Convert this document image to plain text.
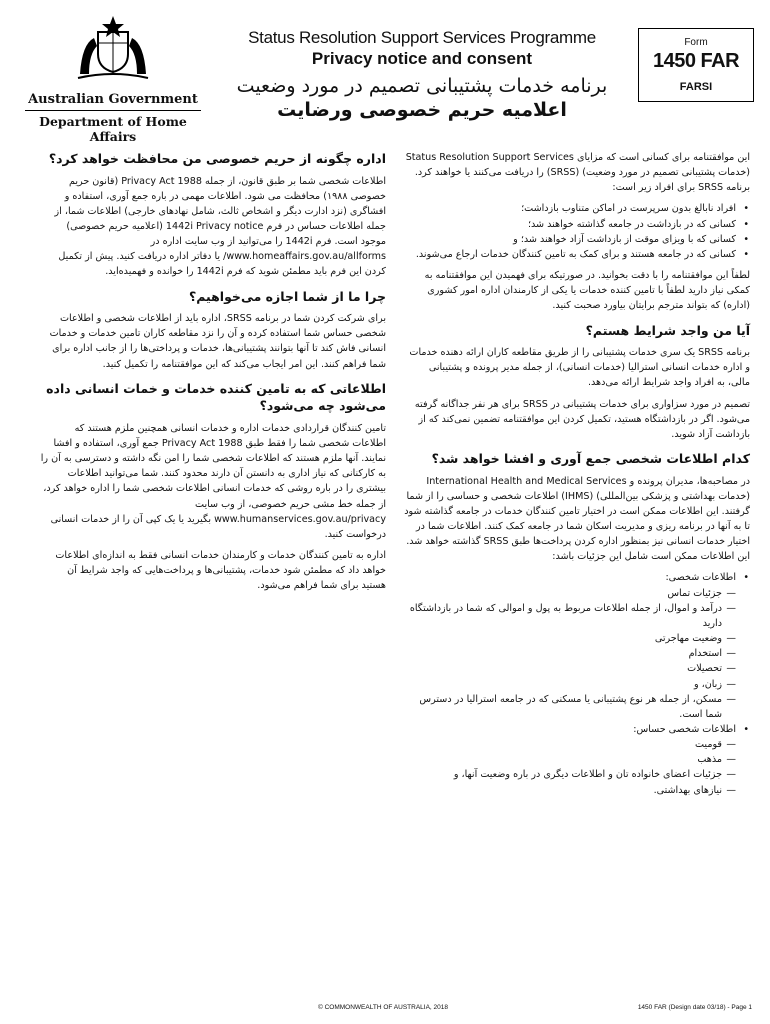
Australian Government
Department of Home Affairs
Status Resolution Support Services Programme
Privacy notice and consent
برنامه خدمات پشتیبانی تصمیم در مورد وضعیت
اعلامیه حریم خصوصی ورضایت
Form
1450 FAR
FARSI

این موافقتنامه برای کسانی است که مزایای Status Resolution Support Services (خدمات پشتیبانی تصمیم در مورد وضعیت) (SRSS) را دریافت می‌کنند یا خواهند کرد. برنامه SRSS برای افراد زیر است:

• افراد نابالغ بدون سرپرست در اماکن متناوب بازداشت؛
• کسانی که در بازداشت در جامعه گذاشته خواهند شد؛
• کسانی که با ویزای موقت از بازداشت آزاد خواهند شد؛ و
• کسانی که در جامعه هستند و برای کمک به تامین کنندگان خدمات ارجاع می‌شوند.

لطفاً این موافقتنامه را با دقت بخوانید. در صورتیکه برای فهمیدن این موافقتنامه به کمکی نیاز دارید لطفاً با تامین کننده خدمات یا یکی از کارمندان اداره امور کشوری (اداره) که بتواند مترجم برایتان بیاورد صحبت کنید.

آیا من واجد شرایط هستم؟

برنامه SRSS یک سری خدمات پشتیبانی را از طریق مقاطعه کاران ارائه دهنده خدمات و اداره خدمات انسانی استرالیا (خدمات انسانی)، از جمله مدیر پرونده و پشتیبانی مالی، به افراد واجد شرایط ارائه می‌دهد.

تصمیم در مورد سزاواری برای خدمات پشتیبانی در SRSS برای هر نفر جداگانه گرفته می‌شود. اگر در بازداشتگاه هستید، تکمیل کردن این موافقتنامه تضمین نمی‌کند که از بازداشت آزاد شوید.

کدام اطلاعات شخصی جمع آوری و افشا خواهد شد؟

در مصاحبه‌ها، مدیران پرونده و International Health and Medical Services (خدمات بهداشتی و پزشکی بین‌المللی) (IHMS) اطلاعات شخصی و حساسی را از شما گرفتند. این اطلاعات ممکن است در اختیار تامین کنندگان خدمات در جامعه گذاشته شود تا به آنها در برنامه ریزی و مدیریت اسکان شما در جامعه کمک کنند. اطلاعات شما در اختیار خدمات انسانی نیز بمنظور اداره کردن پرداخت‌ها طبق SRSS گذاشته خواهد شد. این اطلاعات ممکن است شامل این جزئیات باشد:

• اطلاعات شخصی:
— جزئیات تماس
— درآمد و اموال، از جمله اطلاعات مربوط به پول و اموالی که شما در بازداشتگاه دارید
— وضعیت مهاجرتی
— استخدام
— تحصیلات
— زبان، و
— مسکن، از جمله هر نوع پشتیبانی یا مسکنی که در جامعه استرالیا در دسترس شما است.
• اطلاعات شخصی حساس:
— قومیت
— مذهب
— جزئیات اعضای خانواده تان و اطلاعات دیگری در باره وضعیت آنها، و
— نیازهای بهداشتی.
اداره چگونه از حریم خصوصی من محافظت خواهد کرد؟

اطلاعات شخصی شما بر طبق قانون، از جمله Privacy Act 1988 (قانون حریم خصوصی ۱۹۸۸) محافظت می شود. اطلاعات مهمی در باره جمع آوری، استفاده و افشاگری (نزد ادارت دیگر و اشخاص ثالث، شامل نهادهای خارجی) اطلاعات شما، از جمله اطلاعات حساس در فرم 1442i Privacy notice (اعلامیه حریم خصوصی) موجود است. فرم 1442i را می‌توانید از وب سایت اداره در www.homeaffairs.gov.au/allforms/ یا دفاتر اداره دریافت کنید. پیش از تکمیل کردن این فرم باید مطمئن شوید که فرم 1442i را خوانده و فهمیده‌اید.

چرا ما از شما اجازه می‌خواهیم؟

برای شرکت کردن شما در برنامه SRSS، اداره باید از اطلاعات شخصی و اطلاعات شخصی حساس شما استفاده کرده و آن را نزد مقاطعه کاران تامین خدمات و خدمات انسانی فاش کند تا آنها بتوانند پشتیبانی‌ها، خدمات و پرداختی‌ها را از جانب اداره برای شما فراهم کنند. این امر ایجاب می‌کند که این موافقتنامه را تکمیل کنید.

اطلاعاتی که به تامین کننده خدمات و خمات انسانی داده می‌شود چه می‌شود؟

تامین کنندگان قراردادی خدمات اداره و خدمات انسانی همچنین ملزم هستند که اطلاعات شخصی شما را فقط طبق Privacy Act 1988 جمع آوری، استفاده و افشا نمایند. آنها ملزم هستند که اطلاعات شخصی شما را امن نگه داشته و دسترسی به آن را به کارکنانی که نیاز اداری به دانستن آن دارند محدود کنند. شما می‌توانید اطلاعات بیشتری را در باره روشی که خدمات انسانی اطلاعات شخصی شما را اداره خواهد کرد، از جمله خط مشی حریم خصوصی، از وب سایت www.humanservices.gov.au/privacy بگیرید یا یک کپی آن را از خدمات انسانی درخواست کنید.

اداره به تامین کنندگان خدمات و کارمندان خدمات انسانی فقط به اندازه‌ای اطلاعات خواهد داد که مطمئن شود خدمات، پشتیبانی‌ها و پرداخت‌هایی که واجد شرایط آن هستید برای شما فراهم می‌شود.

© COMMONWEALTH OF AUSTRALIA, 2018	1450 FAR (Design date 03/18) - Page 1
